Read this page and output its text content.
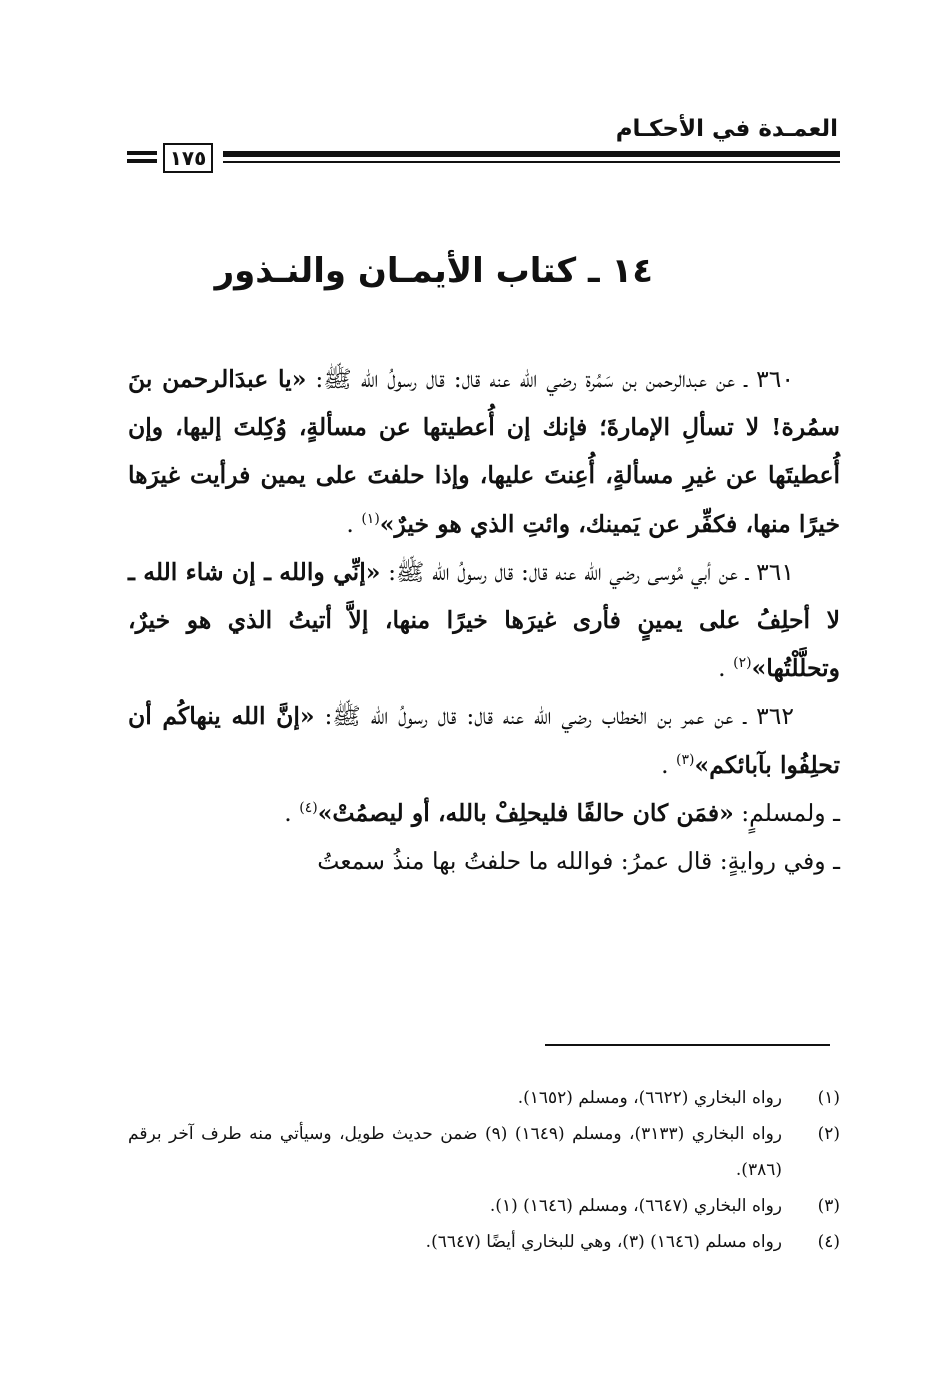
العمـدة في الأحكـام
١٧٥
١٤ ـ كتاب الأيمـان والنـذور

٣٦٠ ـ عن عبدالرحمن بن سَمُرة رضي الله عنه قال: قال رسولُ الله ﷺ: «يا عبدَالرحمن بنَ سمُرة! لا تسألِ الإمارةَ؛ فإنك إن أُعطيتها عن مسألةٍ، وُكِلتَ إليها، وإن أُعطيتَها عن غيرِ مسألةٍ، أُعِنتَ عليها، وإذا حلفتَ على يمين فرأيت غيرَها خيرًا منها، فكفِّر عن يَمينك، وائتِ الذي هو خيرٌ»$^{(١)}$ .

٣٦١ ـ عن أبي مُوسى رضي الله عنه قال: قال رسولُ الله ﷺ: «إنِّي والله ـ إن شاء الله ـ لا أحلِفُ على يمينٍ فأرى غيرَها خيرًا منها، إلاَّ أتيتُ الذي هو خيرٌ، وتحلَّلْتُها»$^{(٢)}$ .

٣٦٢ ـ عن عمر بن الخطاب رضي الله عنه قال: قال رسولُ الله ﷺ: «إنَّ الله ينهاكُم أن تحلِفُوا بآبائكم»$^{(٣)}$ .

ـ ولمسلمٍ: «فمَن كان حالفًا فليحلِفْ بالله، أو ليصمُتْ»$^{(٤)}$ .

ـ وفي روايةٍ: قال عمرُ: فوالله ما حلفتُ بها منذُ سمعتُ

(١)
رواه البخاري (٦٦٢٢)، ومسلم (١٦٥٢).
(٢)
رواه البخاري (٣١٣٣)، ومسلم (١٦٤٩) (٩) ضمن حديث طويل، وسيأتي منه طرف آخر برقم (٣٨٦).
(٣)
رواه البخاري (٦٦٤٧)، ومسلم (١٦٤٦) (١).
(٤)
رواه مسلم (١٦٤٦) (٣)، وهي للبخاري أيضًا (٦٦٤٧).
